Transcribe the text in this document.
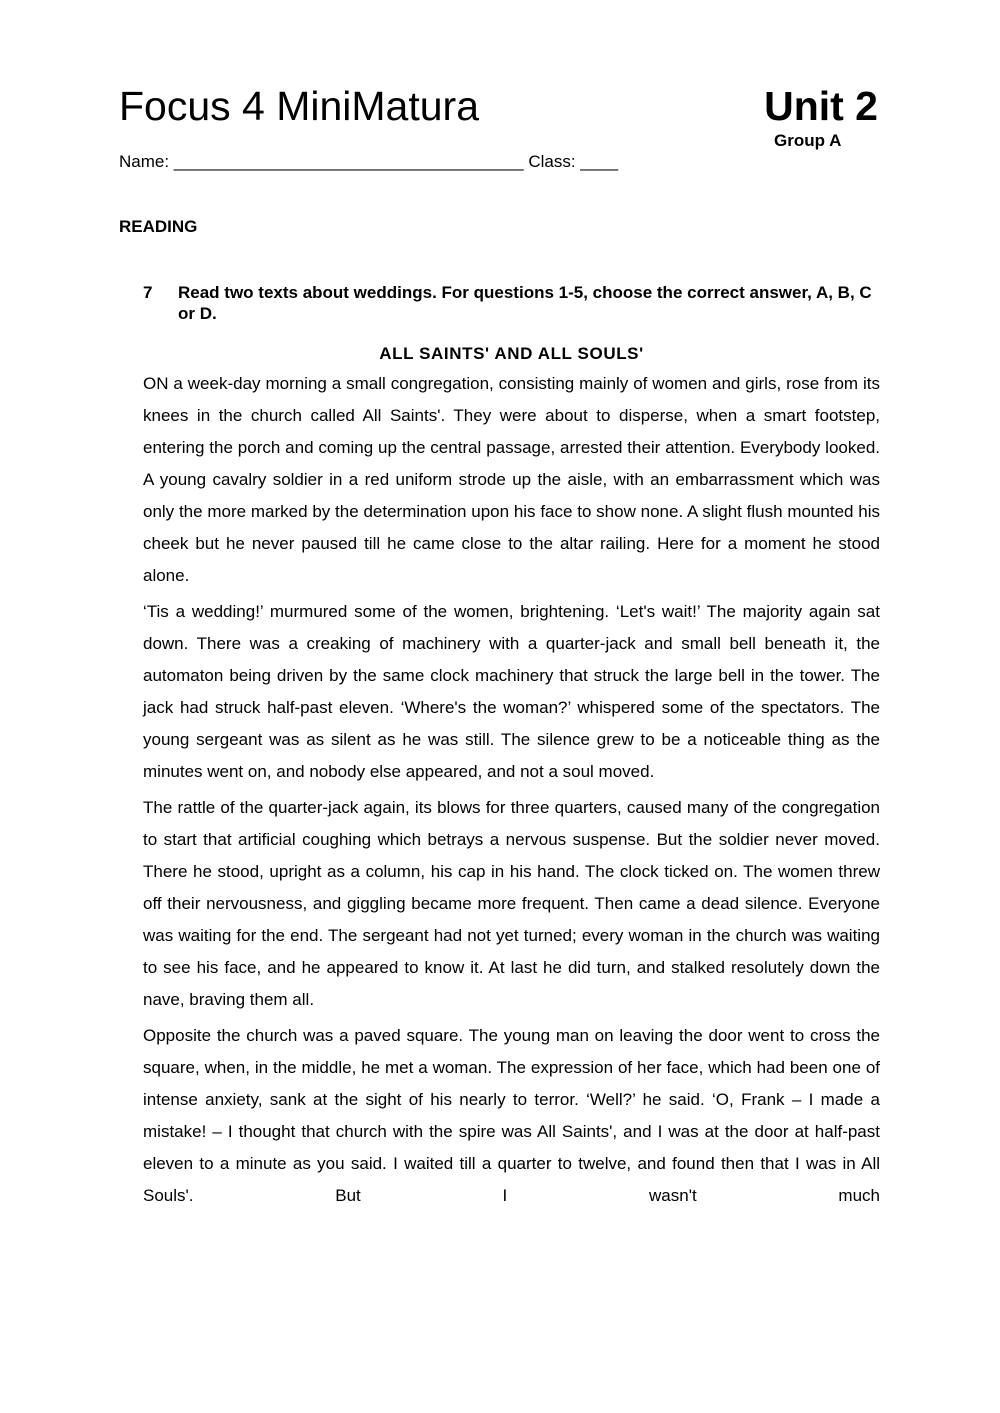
Focus 4 MiniMatura	Unit 2
Group A
Name: _____________________________________ Class: ____
READING
7 Read two texts about weddings. For questions 1-5, choose the correct answer, A, B, C or D.
ALL SAINTS' AND ALL SOULS'

ON a week-day morning a small congregation, consisting mainly of women and girls, rose from its knees in the church called All Saints'. They were about to disperse, when a smart footstep, entering the porch and coming up the central passage, arrested their attention. Everybody looked. A young cavalry soldier in a red uniform strode up the aisle, with an embarrassment which was only the more marked by the determination upon his face to show none. A slight flush mounted his cheek but he never paused till he came close to the altar railing. Here for a moment he stood alone.

‘Tis a wedding!’ murmured some of the women, brightening. ‘Let's wait!’ The majority again sat down. There was a creaking of machinery with a quarter-jack and small bell beneath it, the automaton being driven by the same clock machinery that struck the large bell in the tower. The jack had struck half-past eleven. ‘Where's the woman?’ whispered some of the spectators. The young sergeant was as silent as he was still. The silence grew to be a noticeable thing as the minutes went on, and nobody else appeared, and not a soul moved.

The rattle of the quarter-jack again, its blows for three quarters, caused many of the congregation to start that artificial coughing which betrays a nervous suspense. But the soldier never moved. There he stood, upright as a column, his cap in his hand. The clock ticked on. The women threw off their nervousness, and giggling became more frequent. Then came a dead silence. Everyone was waiting for the end. The sergeant had not yet turned; every woman in the church was waiting to see his face, and he appeared to know it. At last he did turn, and stalked resolutely down the nave, braving them all.

Opposite the church was a paved square. The young man on leaving the door went to cross the square, when, in the middle, he met a woman. The expression of her face, which had been one of intense anxiety, sank at the sight of his nearly to terror. ‘Well?’ he said. ‘O, Frank – I made a mistake! – I thought that church with the spire was All Saints', and I was at the door at half-past eleven to a minute as you said. I waited till a quarter to twelve, and found then that I was in All Souls'. But I wasn't much
